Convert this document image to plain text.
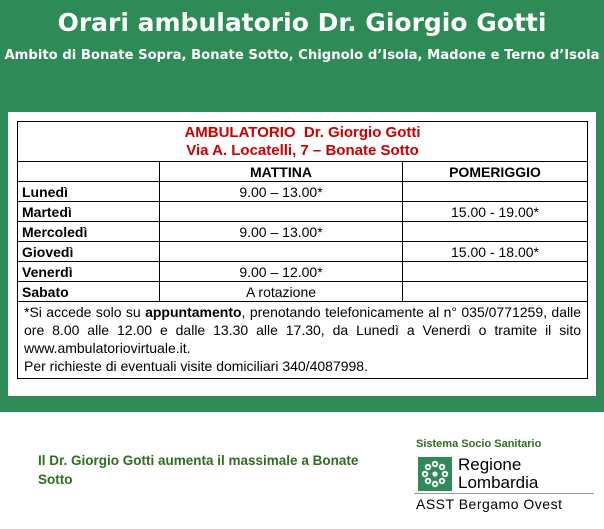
Orari ambulatorio Dr. Giorgio Gotti
Ambito di Bonate Sopra, Bonate Sotto, Chignolo d’Isola, Madone e Terno d’Isola
AMBULATORIO  Dr. Giorgio Gotti
Via A. Locatelli, 7 – Bonate Sotto		

	MATTINA	POMERIGGIO
Lunedì	9.00 – 13.00*	
Martedì		15.00 - 19.00*
Mercoledì	9.00 – 13.00*	
Giovedì		15.00 - 18.00*
Venerdì	9.00 – 12.00*	
Sabato	A rotazione	
*Si accede solo su appuntamento, prenotando telefonicamente al n° 035/0771259, dalle ore 8.00 alle 12.00 e dalle 13.30 alle 17.30, da Lunedì a Venerdì o tramite il sito www.ambulatoriovirtuale.it.
Per richieste di eventuali visite domiciliari 340/4087998.		
Il Dr. Giorgio Gotti aumenta il massimale a Bonate Sotto
Sistema Socio Sanitario
Regione
Lombardia
ASST Bergamo Ovest
